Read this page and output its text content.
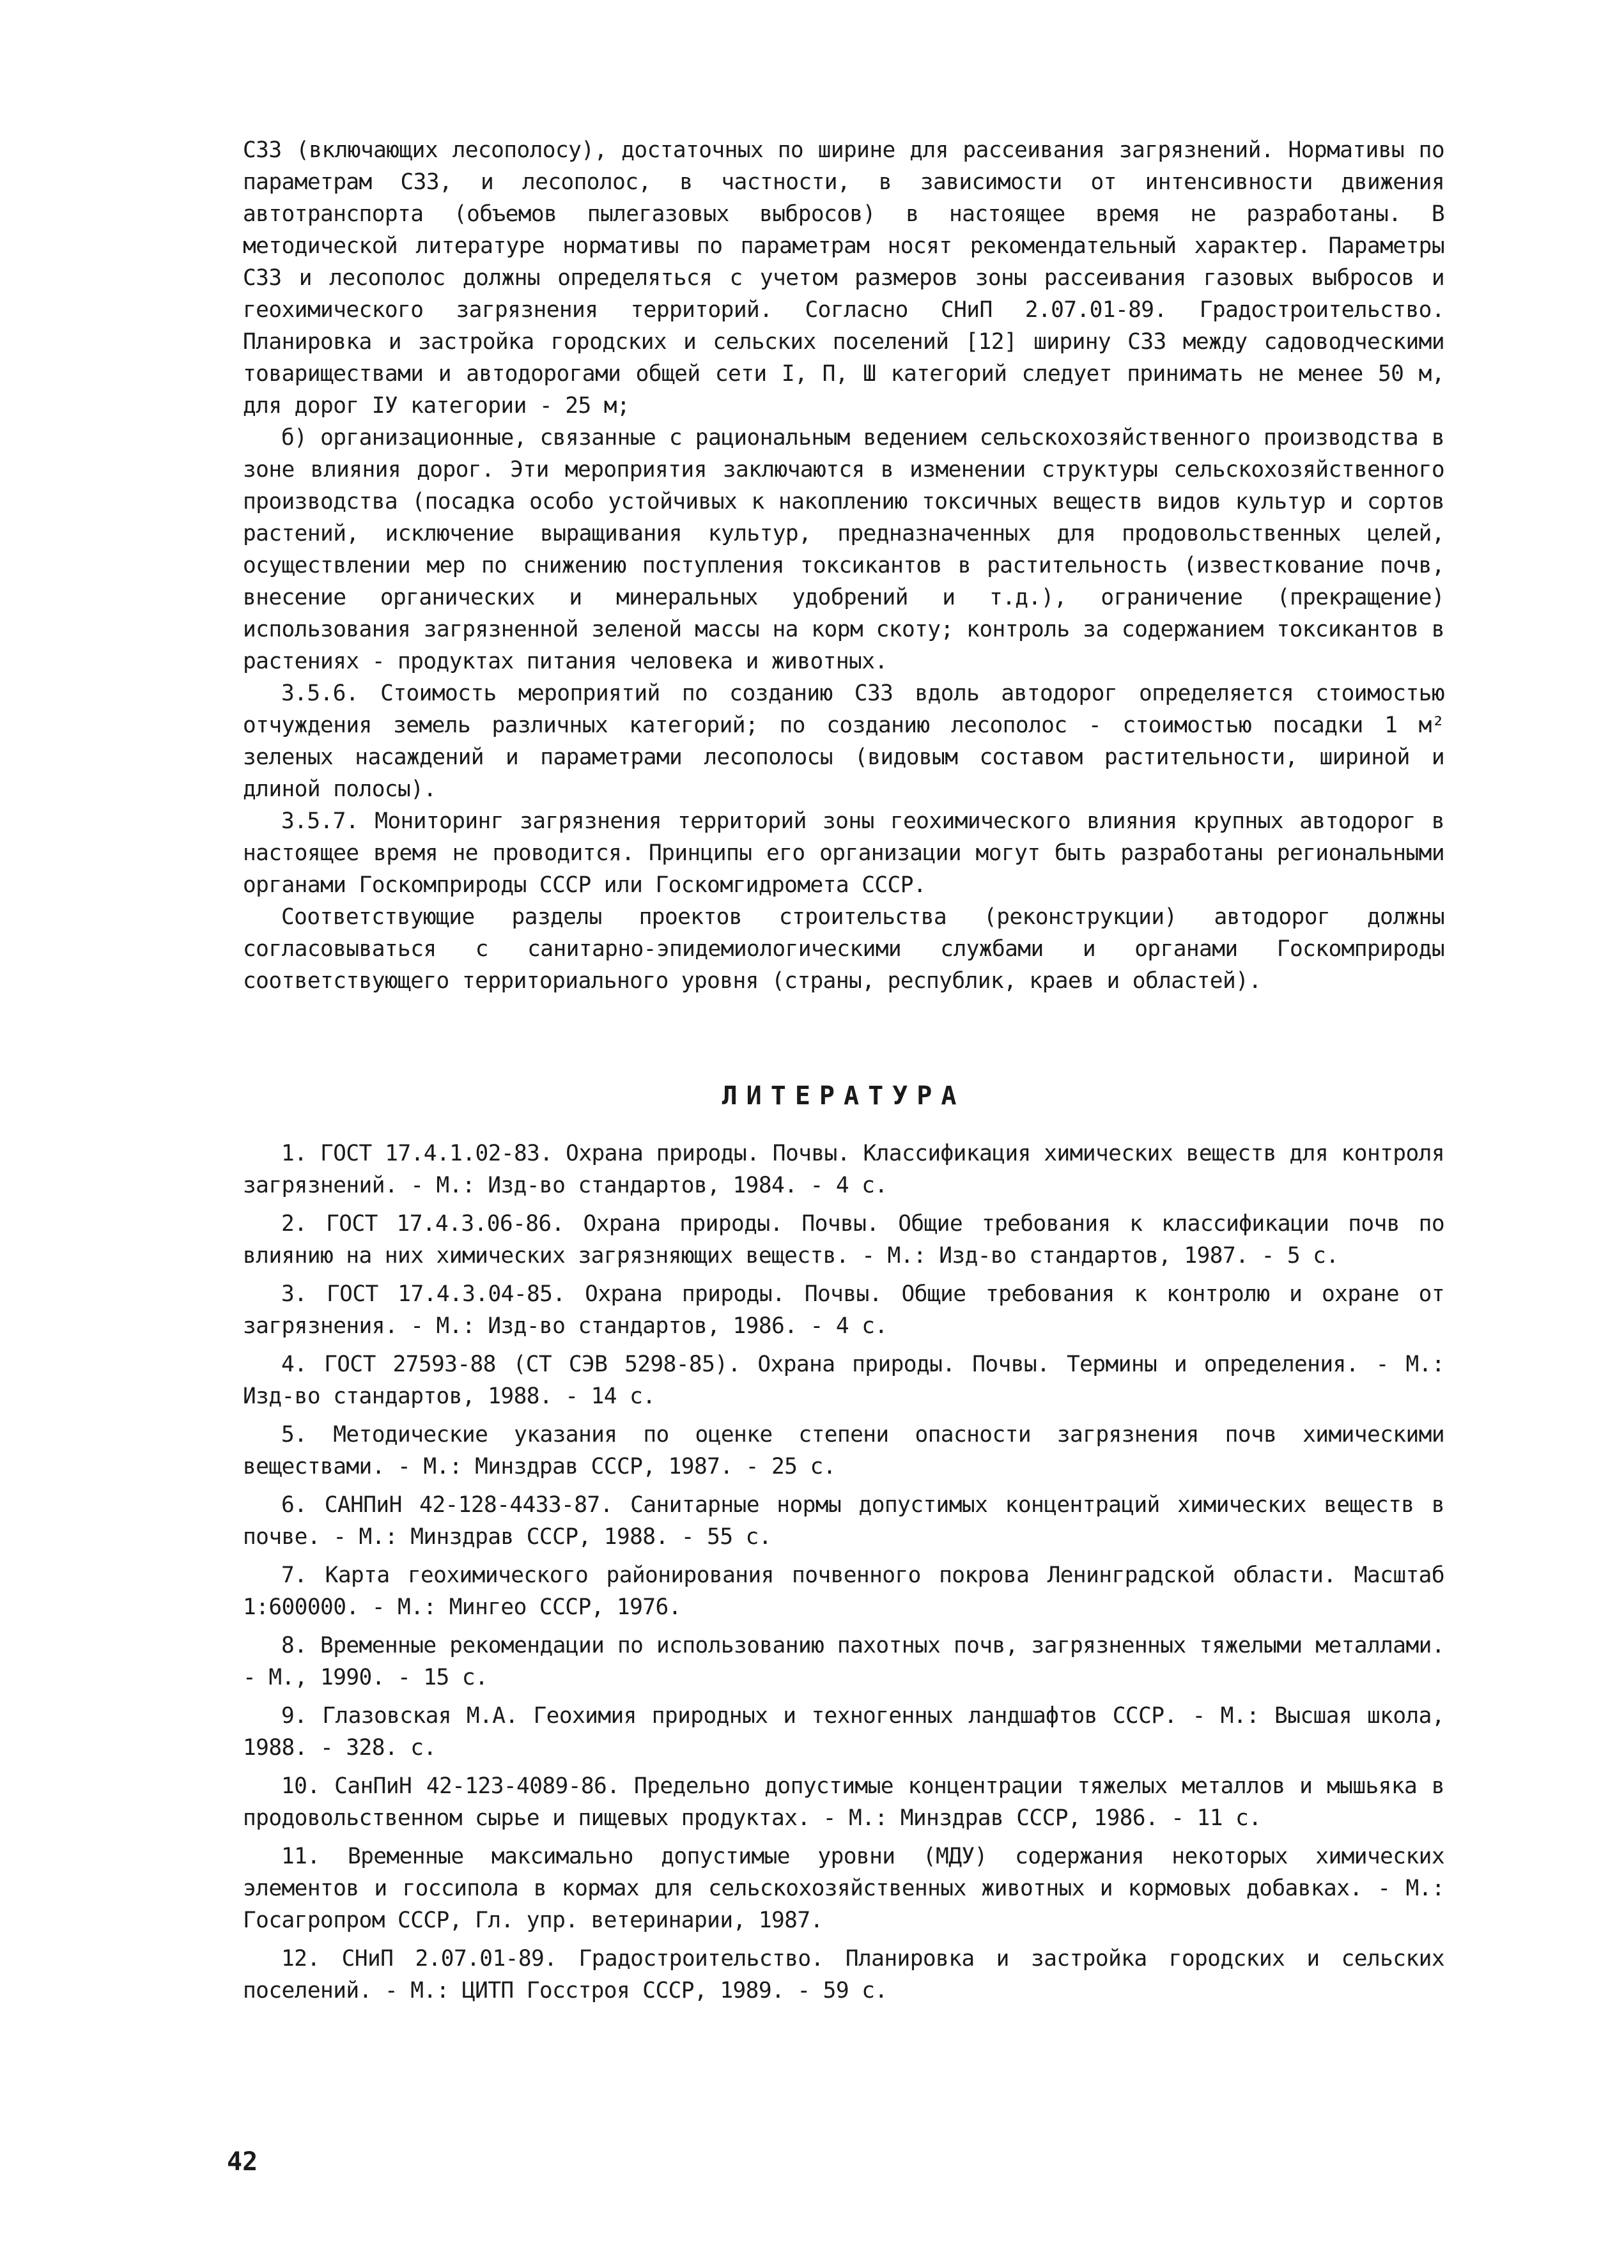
СЗЗ (включающих лесополосу), достаточных по ширине для рассеивания загрязнений. Нормативы по параметрам СЗЗ, и лесополос, в частности, в зависимости от интенсивности движения автотранспорта (объемов пылегазовых выбросов) в настоящее время не разработаны. В методической литературе нормативы по параметрам носят рекомендательный характер. Параметры СЗЗ и лесополос должны определяться с учетом размеров зоны рассеивания газовых выбросов и геохимического загрязнения территорий. Согласно СНиП 2.07.01-89. Градостроительство. Планировка и застройка городских и сельских поселений [12] ширину СЗЗ между садоводческими товариществами и автодорогами общей сети I, П, Ш категорий следует принимать не менее 50 м, для дорог IУ категории - 25 м;

б) организационные, связанные с рациональным ведением сельскохозяйственного производства в зоне влияния дорог. Эти мероприятия заключаются в изменении структуры сельскохозяйственного производства (посадка особо устойчивых к накоплению токсичных веществ видов культур и сортов растений, исключение выращивания культур, предназначенных для продовольственных целей, осуществлении мер по снижению поступления токсикантов в растительность (известкование почв, внесение органических и минеральных удобрений и т.д.), ограничение (прекращение) использования загрязненной зеленой массы на корм скоту; контроль за содержанием токсикантов в растениях - продуктах питания человека и животных.

3.5.6. Стоимость мероприятий по созданию СЗЗ вдоль автодорог определяется стоимостью отчуждения земель различных категорий; по созданию лесополос - стоимостью посадки 1 м² зеленых насаждений и параметрами лесополосы (видовым составом растительности, шириной и длиной полосы).

3.5.7. Мониторинг загрязнения территорий зоны геохимического влияния крупных автодорог в настоящее время не проводится. Принципы его организации могут быть разработаны региональными органами Госкомприроды СССР или Госкомгидромета СССР.

Соответствующие разделы проектов строительства (реконструкции) автодорог должны согласовываться с санитарно-эпидемиологическими службами и органами Госкомприроды соответствующего территориального уровня (страны, республик, краев и областей).

ЛИТЕРАТУРА

1. ГОСТ 17.4.1.02-83. Охрана природы. Почвы. Классификация химических веществ для контроля загрязнений. - М.: Изд-во стандартов, 1984. - 4 с.

2. ГОСТ 17.4.3.06-86. Охрана природы. Почвы. Общие требования к классификации почв по влиянию на них химических загрязняющих веществ. - М.: Изд-во стандартов, 1987. - 5 с.

3. ГОСТ 17.4.3.04-85. Охрана природы. Почвы. Общие требования к контролю и охране от загрязнения. - М.: Изд-во стандартов, 1986. - 4 с.

4. ГОСТ 27593-88 (СТ СЭВ 5298-85). Охрана природы. Почвы. Термины и определения. - М.: Изд-во стандартов, 1988. - 14 с.

5. Методические указания по оценке степени опасности загрязнения почв химическими веществами. - М.: Минздрав СССР, 1987. - 25 с.

6. САНПиН 42-128-4433-87. Санитарные нормы допустимых концентраций химических веществ в почве. - М.: Минздрав СССР, 1988. - 55 с.

7. Карта геохимического районирования почвенного покрова Ленинградской области. Масштаб 1:600000. - М.: Мингео СССР, 1976.

8. Временные рекомендации по использованию пахотных почв, загрязненных тяжелыми металлами. - М., 1990. - 15 с.

9. Глазовская М.А. Геохимия природных и техногенных ландшафтов СССР. - М.: Высшая школа, 1988. - 328. с.

10. СанПиН 42-123-4089-86. Предельно допустимые концентрации тяжелых металлов и мышьяка в продовольственном сырье и пищевых продуктах. - М.: Минздрав СССР, 1986. - 11 с.

11. Временные максимально допустимые уровни (МДУ) содержания некоторых химических элементов и госсипола в кормах для сельскохозяйственных животных и кормовых добавках. - М.: Госагропром СССР, Гл. упр. ветеринарии, 1987.

12. СНиП 2.07.01-89. Градостроительство. Планировка и застройка городских и сельских поселений. - М.: ЦИТП Госстроя СССР, 1989. - 59 с.

42
